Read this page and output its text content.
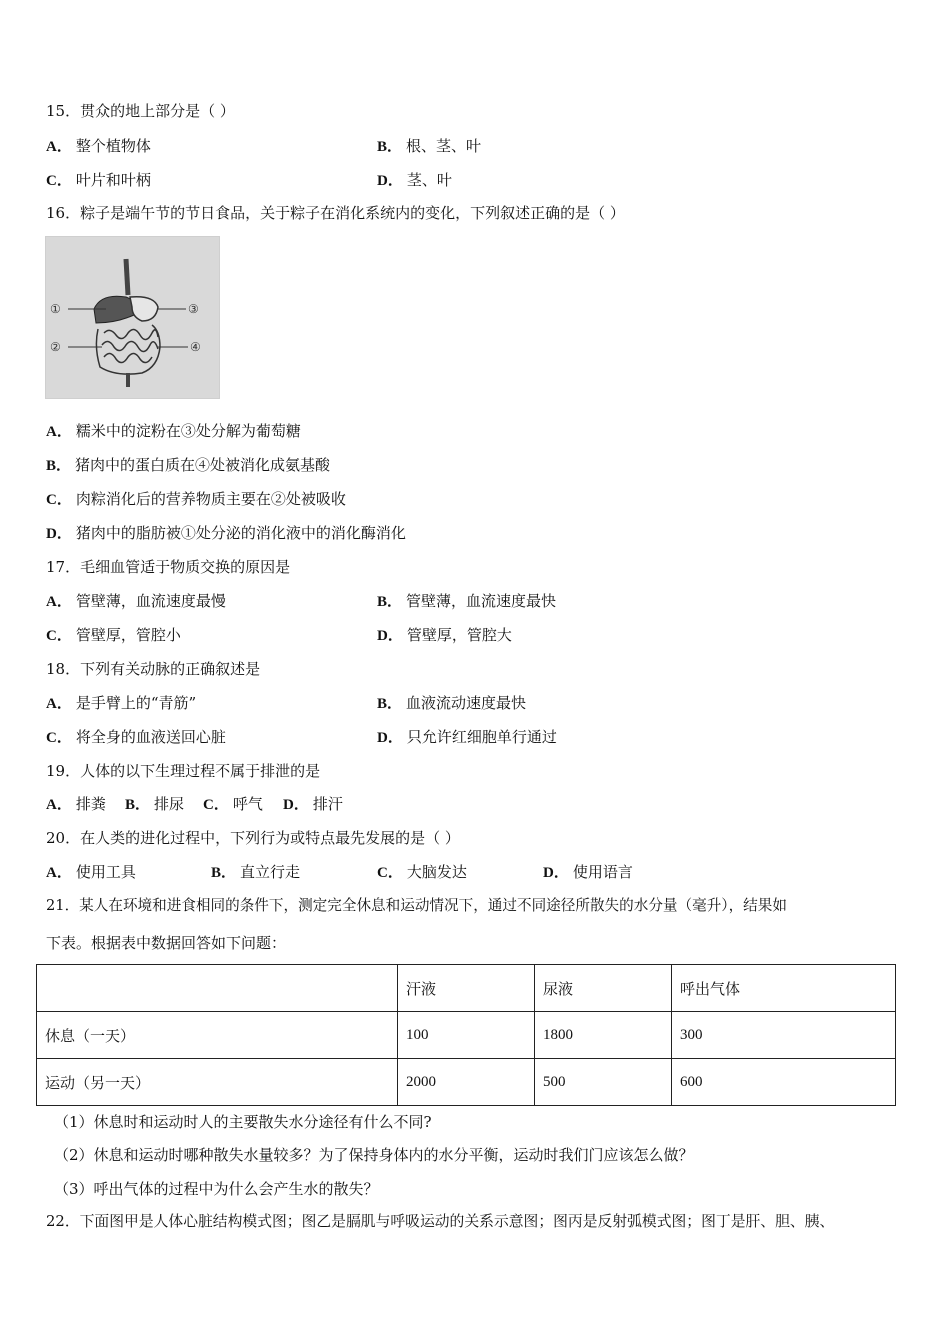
15．贯众的地上部分是（ ）
A． 整个植物体	B． 根、茎、叶
C． 叶片和叶柄	D． 茎、叶
16．粽子是端午节的节日食品，关于粽子在消化系统内的变化，下列叙述正确的是（ ）
①
②
③
④
A． 糯米中的淀粉在③处分解为葡萄糖
B． 猪肉中的蛋白质在④处被消化成氨基酸
C． 肉粽消化后的营养物质主要在②处被吸收
D． 猪肉中的脂肪被①处分泌的消化液中的消化酶消化
17．毛细血管适于物质交换的原因是
A． 管壁薄，血流速度最慢	B． 管壁薄，血流速度最快
C． 管壁厚，管腔小	D． 管壁厚，管腔大
18．下列有关动脉的正确叙述是
A． 是手臂上的“青筋”	B． 血液流动速度最快
C． 将全身的血液送回心脏	D． 只允许红细胞单行通过
19．人体的以下生理过程不属于排泄的是
A． 排粪 B． 排尿 C． 呼气 D． 排汗
20．在人类的进化过程中，下列行为或特点最先发展的是（ ）
A． 使用工具	B． 直立行走	C． 大脑发达	D． 使用语言
21．某人在环境和进食相同的条件下，测定完全休息和运动情况下，通过不同途径所散失的水分量（毫升），结果如
下表。根据表中数据回答如下问题：
	汗液	尿液	呼出气体
休息（一天）	100	1800	300
运动（另一天）	2000	500	600
（1）休息时和运动时人的主要散失水分途径有什么不同?
（2）休息和运动时哪种散失水量较多？为了保持身体内的水分平衡，运动时我们门应该怎么做？
（3）呼出气体的过程中为什么会产生水的散失？
22．下面图甲是人体心脏结构模式图；图乙是膈肌与呼吸运动的关系示意图；图丙是反射弧模式图；图丁是肝、胆、胰、
